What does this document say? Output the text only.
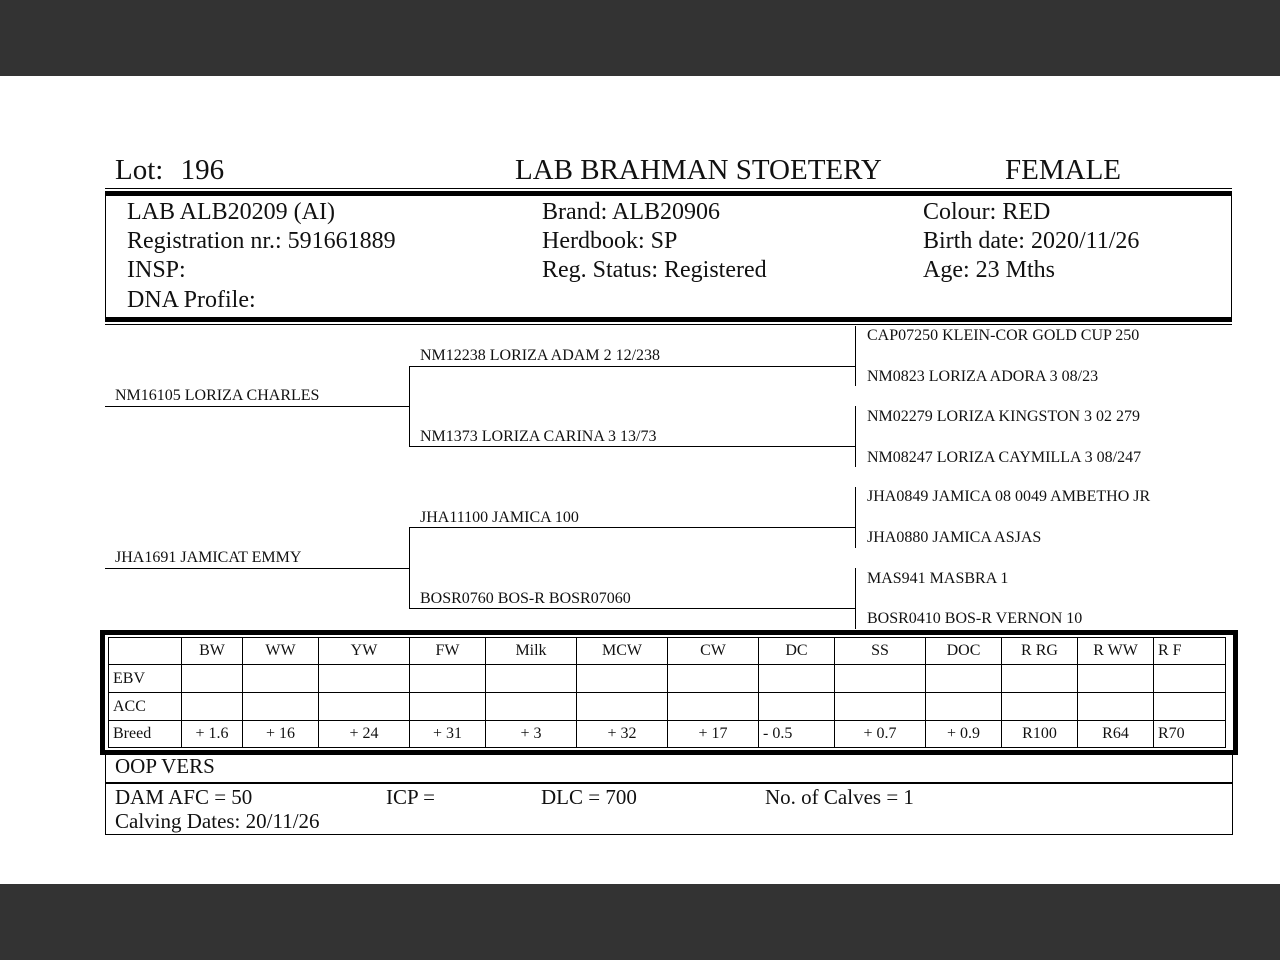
Lot: 196	LAB BRAHMAN STOETERY	FEMALE
LAB ALB20209 (AI)
Registration nr.: 591661889
INSP:
DNA Profile:
Brand: ALB20906
Herdbook: SP
Reg. Status: Registered
Colour: RED
Birth date: 2020/11/26
Age: 23 Mths
NM16105 LORIZA CHARLES
JHA1691 JAMICAT EMMY
NM12238 LORIZA ADAM 2 12/238
NM1373 LORIZA CARINA 3 13/73
JHA11100 JAMICA 100
BOSR0760 BOS-R BOSR07060
CAP07250 KLEIN-COR GOLD CUP 250
NM0823 LORIZA ADORA 3 08/23
NM02279 LORIZA KINGSTON 3 02 279
NM08247 LORIZA CAYMILLA 3 08/247
JHA0849 JAMICA 08 0049 AMBETHO JR
JHA0880 JAMICA ASJAS
MAS941 MASBRA 1
BOSR0410 BOS-R VERNON 10
	BW	WW	YW	FW	Milk	MCW	CW	DC	SS	DOC	R RG	R WW	R F
EBV													
ACC													
Breed	+ 1.6	+ 16	+ 24	+ 31	+ 3	+ 32	+ 17	- 0.5	+ 0.7	+ 0.9	R100	R64	R70
OOP VERS
DAM AFC = 50	ICP =	DLC = 700	No. of Calves = 1
Calving Dates: 20/11/26
